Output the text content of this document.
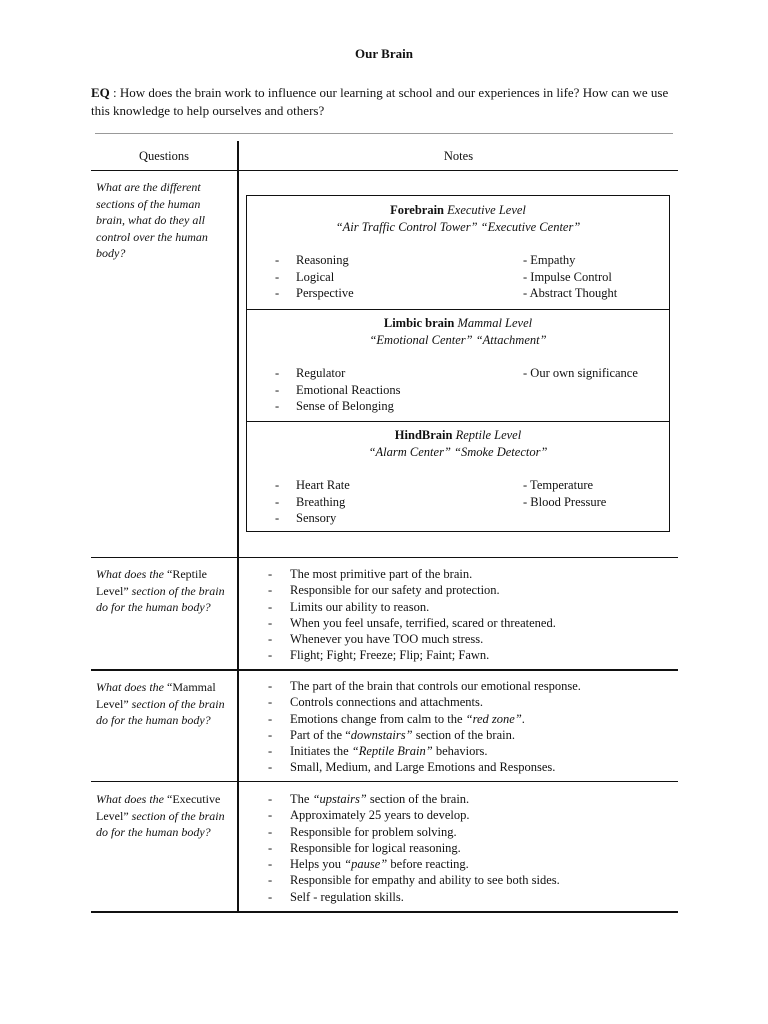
Our Brain
EQ : How does the brain work to influence our learning at school and our experiences in life? How can we use this knowledge to help ourselves and others?
Questions	Notes
What are the different sections of the human brain, what do they all control over the human body?
What does the “Reptile Level” section of the brain do for the human body?
What does the “Mammal Level” section of the brain do for the human body?
What does the “Executive Level” section of the brain do for the human body?
Forebrain Executive Level
“Air Traffic Control Tower” “Executive Center”
- Reasoning
- Logical
- Perspective
- Empathy
- Impulse Control
- Abstract Thought
Limbic brain Mammal Level
“Emotional Center” “Attachment”
- Regulator
- Emotional Reactions
- Sense of Belonging
- Our own significance
HindBrain Reptile Level
“Alarm Center” “Smoke Detector”
- Heart Rate
- Breathing
- Sensory
- Temperature
- Blood Pressure
- The most primitive part of the brain.
- Responsible for our safety and protection.
- Limits our ability to reason.
- When you feel unsafe, terrified, scared or threatened.
- Whenever you have TOO much stress.
- Flight; Fight; Freeze; Flip; Faint; Fawn.
- The part of the brain that controls our emotional response.
- Controls connections and attachments.
- Emotions change from calm to the “red zone”.
- Part of the “downstairs” section of the brain.
- Initiates the “Reptile Brain” behaviors.
- Small, Medium, and Large Emotions and Responses.
- The “upstairs” section of the brain.
- Approximately 25 years to develop.
- Responsible for problem solving.
- Responsible for logical reasoning.
- Helps you “pause” before reacting.
- Responsible for empathy and ability to see both sides.
- Self - regulation skills.
